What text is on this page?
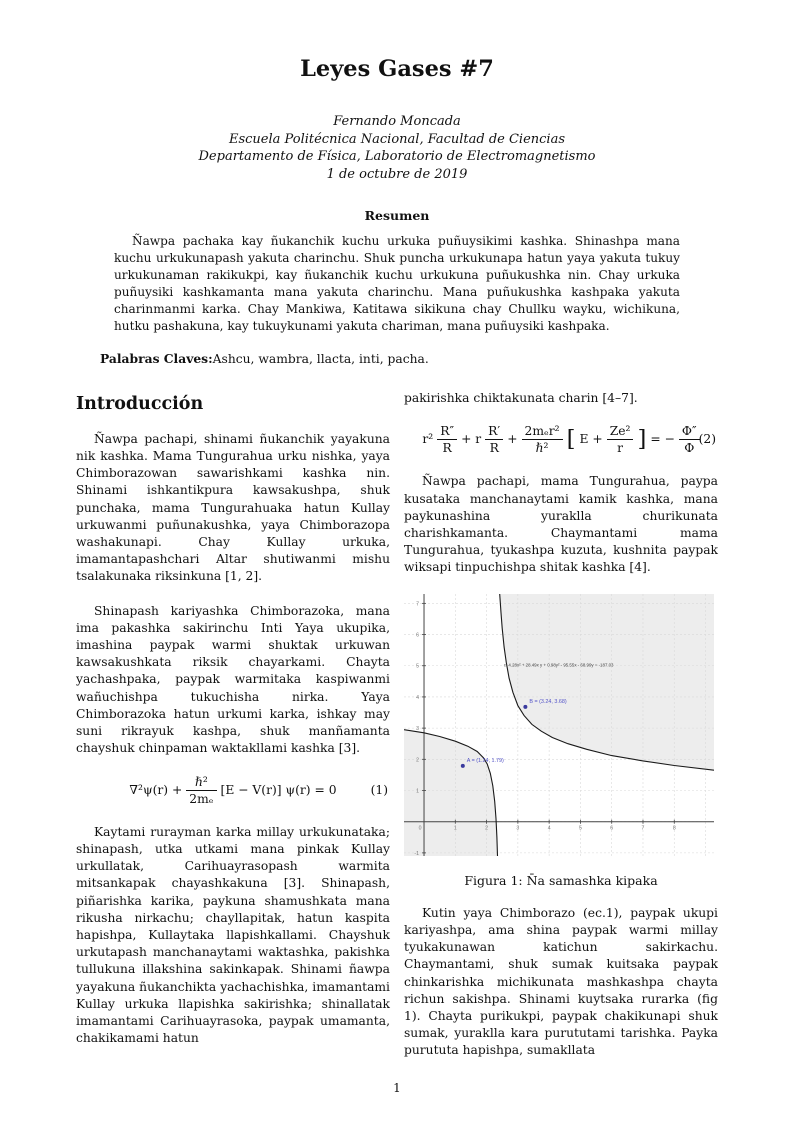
Leyes Gases #7
Fernando Moncada
Escuela Politécnica Nacional, Facultad de Ciencias
Departamento de Física, Laboratorio de Electromagnetismo
1 de octubre de 2019
Resumen
Ñawpa pachaka kay ñukanchik kuchu urkuka puñuysikimi kashka. Shinashpa mana kuchu urkukunapash yakuta charinchu. Shuk puncha urkukunapa hatun yaya yakuta tukuy urkukunaman rakikukpi, kay ñukanchik kuchu urkukuna puñukushka nin. Chay urkuka puñuysiki kashkamanta mana yakuta charinchu. Mana puñukushka kashpaka yakuta charinmanmi karka. Chay Mankiwa, Katitawa sikikuna chay Chullku wayku, wichikuna, hutku pashakuna, kay tukuykunami yakuta chariman, mana puñuysiki kashpaka.
Palabras Claves:Ashcu, wambra, llacta, inti, pacha.
Introducción

Ñawpa pachapi, shinami ñukanchik yayakuna nik kashka. Mama Tungurahua urku nishka, yaya Chimborazowan sawarishkami kashka nin. Shinami ishkantikpura kawsakushpa, shuk punchaka, mama Tungurahuaka hatun Kullay urkuwanmi puñunakushka, yaya Chimborazopa washakunapi. Chay Kullay urkuka, imamantapashchari Altar shutiwanmi mishu tsalakunaka riksinkuna [1, 2].

Shinapash kariyashka Chimborazoka, mana ima pakashka sakirinchu Inti Yaya ukupika, imashina paypak warmi shuktak urkuwan kawsakushkata riksik chayarkami. Chayta yachashpaka, paypak warmitaka kaspiwanmi wañuchishpa tukuchisha nirka. Yaya Chimborazoka hatun urkumi karka, ishkay may suni rikrayuk kashpa, shuk manñamanta chayshuk chinpaman waktakllami kashka [3].

$\nabla^2\psi(r) + \frac{\text{ℏ²}}{\text{2mₑ}} [E - V(r)] \psi(r) = 0$	(1)

Kaytami rurayman karka millay urkukunataka; shinapash, utka utkami mana pinkak Kullay urkullatak, Carihuayrasopash warmita mitsankapak chayashkakuna [3]. Shinapash, piñarishka karika, paykuna shamushkata mana rikusha nirkachu; chayllapitak, hatun kaspita hapishpa, Kullaytaka llapishkallami. Chayshuk urkutapash manchanaytami waktashka, pakishka tullukuna illakshina sakinkapak. Shinami ñawpa yayakuna ñukanchikta yachachishka, imamantami Kullay urkuka llapishka sakirishka; shinallatak imamantami Carihuayrasoka, paypak umamanta, chakikamami hatun

pakirishka chiktakunata charin [4–7].

$r^2 \frac{R''}{R} + r \frac{R'}{R} + \frac{\text{2mₑr²}}{\text{ℏ²}}$ [ $E + \frac{\text{Ze²}}{r}$ ] = − $\frac{\Phi''}{\Phi} (2)$

Ñawpa pachapi, mama Tungurahua, paypa kusataka manchanaytami kamik kashka, mana paykunashina yuraklla churikunata charishkamanta. Chaymantami mama Tungurahua, tyukashpa kuzuta, kushnita paypak wiksapi tinpuchishpa shitak kashka [4].

0	1	2	3	4	5	6	7	8
-1
1
2
3
4
5
6
7
c: 4.28x² + 28.49x y + 0.98y² - 95.55x - 68.99y = -187.03
A = (1.24, 1.79)
B = (3.24, 3.68)
Figura 1: N̄a samashka kipaka

Kutin yaya Chimborazo (ec.1), paypak ukupi kariyashpa, ama shina paypak warmi millay tyukakunawan katichun sakirkachu. Chaymantami, shuk sumak kuitsaka paypak chinkarishka michikunata mashkashpa chayta richun sakishpa. Shinami kuytsaka rurarka (fig 1). Chayta purikukpi, paypak chakikunapi shuk sumak, yuraklla kara purututami tarishka. Payka purututa hapishpa, sumakllata

1
